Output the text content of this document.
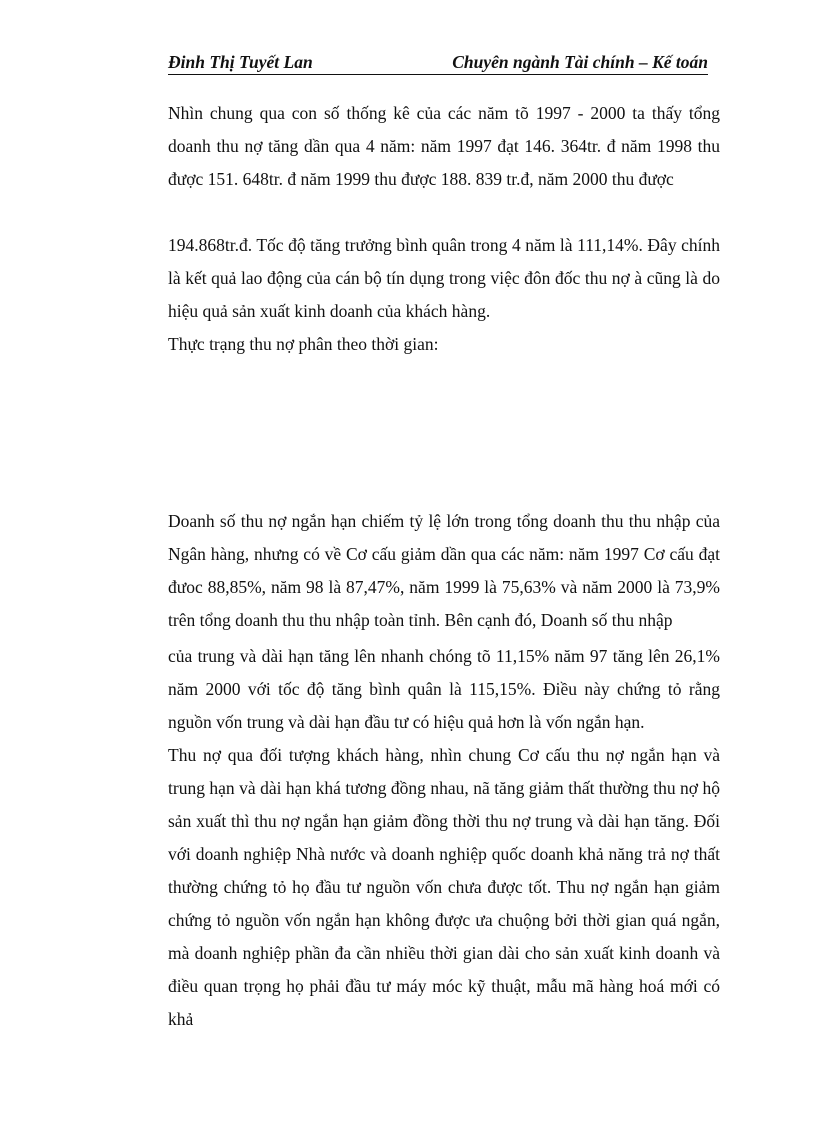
Đinh Thị Tuyết Lan	Chuyên ngành Tài chính – Kế toán

Nhìn chung qua con số thống kê của các năm tõ 1997 - 2000 ta thấy tổng doanh thu nợ tăng dần qua 4 năm: năm 1997 đạt 146. 364tr. đ năm 1998 thu được 151. 648tr. đ năm 1999 thu được 188. 839 tr.đ, năm 2000 thu được

194.868tr.đ. Tốc độ tăng trưởng bình quân trong 4 năm là 111,14%. Đây chính là kết quả lao động của cán bộ tín dụng trong việc đôn đốc thu nợ à cũng là do hiệu quả sản xuất kinh doanh của khách hàng.

Thực trạng thu nợ phân theo thời gian:

Doanh số thu nợ ngắn hạn chiếm tỷ lệ lớn trong tổng doanh thu thu nhập của Ngân hàng, nhưng có về Cơ cấu giảm dần qua các năm: năm 1997 Cơ cấu đạt đưoc 88,85%, năm 98 là 87,47%, năm 1999 là 75,63% và năm 2000 là 73,9% trên tổng doanh thu thu nhập toàn tỉnh. Bên cạnh đó, Doanh số thu nhập

của trung và dài hạn tăng lên nhanh chóng tõ 11,15% năm 97 tăng lên 26,1% năm 2000 với tốc độ tăng bình quân là 115,15%. Điều này chứng tỏ rằng nguồn vốn trung và dài hạn đầu tư có hiệu quả hơn là vốn ngắn hạn.

Thu nợ qua đối tượng khách hàng, nhìn chung Cơ cấu thu nợ ngắn hạn và trung hạn và dài hạn khá tương đồng nhau, nã tăng giảm thất thường thu nợ hộ sản xuất thì thu nợ ngắn hạn giảm đồng thời thu nợ trung và dài hạn tăng. Đối với doanh nghiệp Nhà nước và doanh nghiệp quốc doanh khả năng trả nợ thất thường chứng tỏ họ đầu tư nguồn vốn chưa được tốt. Thu nợ ngắn hạn giảm chứng tỏ nguồn vốn ngắn hạn không được ưa chuộng bởi thời gian quá ngắn, mà doanh nghiệp phần đa cần nhiều thời gian dài cho sản xuất kinh doanh và điều quan trọng họ phải đầu tư máy móc kỹ thuật, mẫu mã hàng hoá mới có khả
